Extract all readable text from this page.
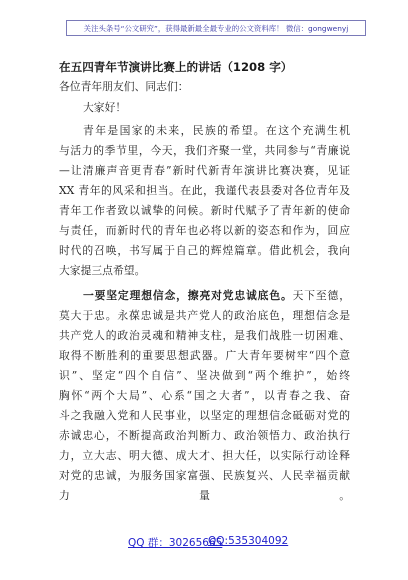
关注头条号“公文研究”，获得最新最全最专业的公文资料库！ 微信：gongwenyj
在五四青年节演讲比赛上的讲话（1208 字）
各位青年朋友们、同志们：
大家好！
青年是国家的未来，民族的希望。在这个充满生机
与活力的季节里，今天，我们齐聚一堂，共同参与“青廉说
—让清廉声音更青春”新时代新青年演讲比赛决赛，见证
XX 青年的风采和担当。在此，我谨代表县委对各位青年及
青年工作者致以诚挚的问候。新时代赋予了青年新的使命
与责任，而新时代的青年也必将以新的姿态和作为，回应
时代的召唤，书写属于自己的辉煌篇章。借此机会，我向
大家提三点希望。
一要坚定理想信念，擦亮对党忠诚底色。天下至德，
莫大于忠。永葆忠诚是共产党人的政治底色，理想信念是
共产党人的政治灵魂和精神支柱，是我们战胜一切困难、
取得不断胜利的重要思想武器。广大青年要树牢“四个意
识”、坚定“四个自信”、坚决做到“两个维护”，始终
胸怀“两个大局”、心系“国之大者”，以青春之我、奋
斗之我融入党和人民事业，以坚定的理想信念砥砺对党的
赤诚忠心，不断提高政治判断力、政治领悟力、政治执行
力，立大志、明大德、成大才、担大任，以实际行动诠释
对党的忠诚，为服务国家富强、民族复兴、人民幸福贡献
力量。
QQ 群：30265665
QQ:535304092
